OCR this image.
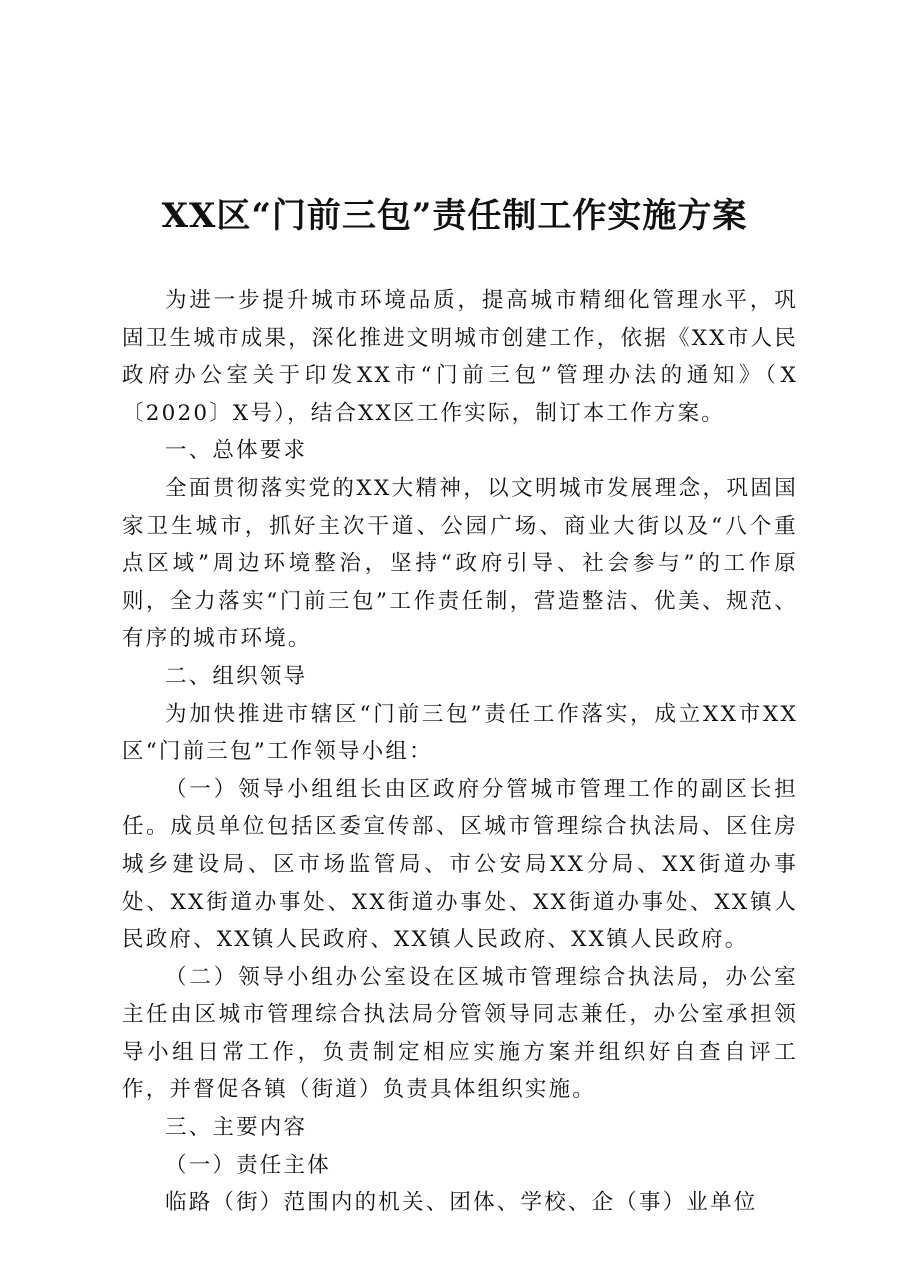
XX区“门前三包”责任制工作实施方案

为进一步提升城市环境品质，提高城市精细化管理水平，巩固卫生城市成果，深化推进文明城市创建工作，依据《XX市人民政府办公室关于印发XX市“门前三包”管理办法的通知》（X〔2020〕X号），结合XX区工作实际，制订本工作方案。

一、总体要求

全面贯彻落实党的XX大精神，以文明城市发展理念，巩固国家卫生城市，抓好主次干道、公园广场、商业大街以及“八个重点区域”周边环境整治，坚持“政府引导、社会参与”的工作原则，全力落实“门前三包”工作责任制，营造整洁、优美、规范、有序的城市环境。

二、组织领导

为加快推进市辖区“门前三包”责任工作落实，成立XX市XX区“门前三包”工作领导小组：

（一）领导小组组长由区政府分管城市管理工作的副区长担任。成员单位包括区委宣传部、区城市管理综合执法局、区住房城乡建设局、区市场监管局、市公安局XX分局、XX街道办事处、XX街道办事处、XX街道办事处、XX街道办事处、XX镇人民政府、XX镇人民政府、XX镇人民政府、XX镇人民政府。

（二）领导小组办公室设在区城市管理综合执法局，办公室主任由区城市管理综合执法局分管领导同志兼任，办公室承担领导小组日常工作，负责制定相应实施方案并组织好自查自评工作，并督促各镇（街道）负责具体组织实施。

三、主要内容

（一）责任主体

临路（街）范围内的机关、团体、学校、企（事）业单位
